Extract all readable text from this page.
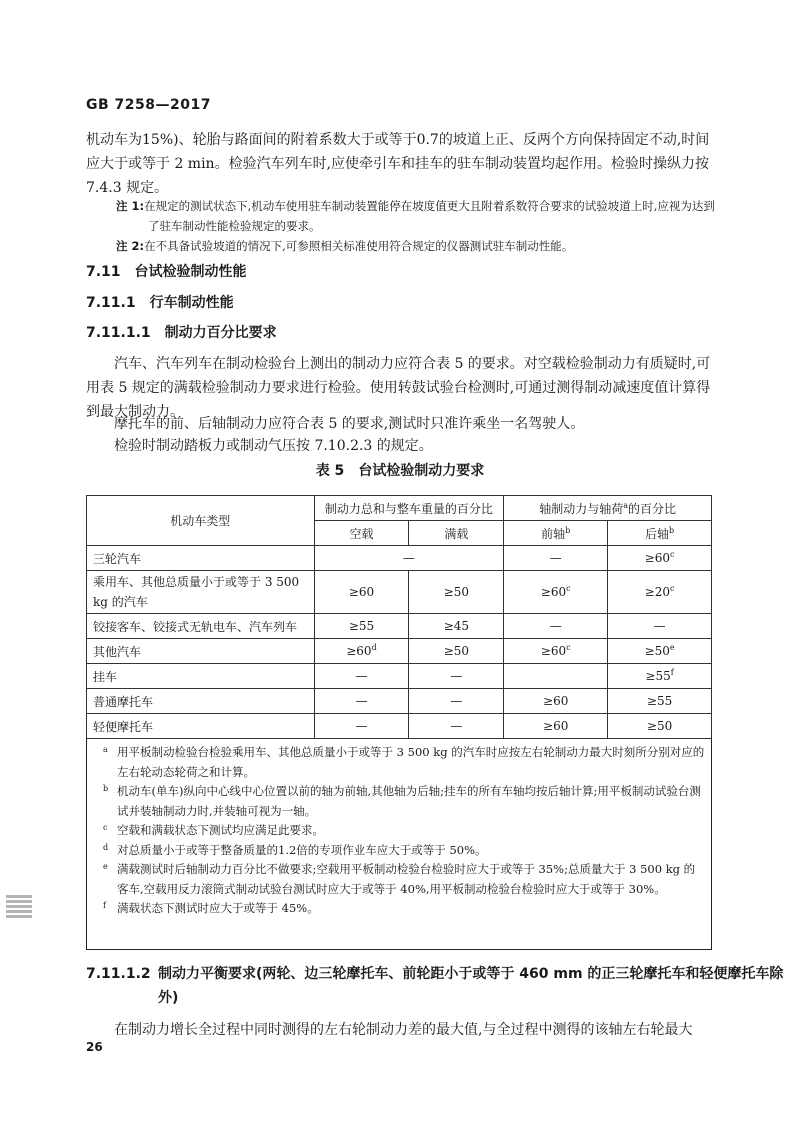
GB 7258—2017
机动车为15%)、轮胎与路面间的附着系数大于或等于0.7的坡道上正、反两个方向保持固定不动,时间应大于或等于 2 min。检验汽车列车时,应使牵引车和挂车的驻车制动装置均起作用。检验时操纵力按 7.4.3 规定。
注 1:在规定的测试状态下,机动车使用驻车制动装置能停在坡度值更大且附着系数符合要求的试验坡道上时,应视为达到了驻车制动性能检验规定的要求。
注 2:在不具备试验坡道的情况下,可参照相关标准使用符合规定的仪器测试驻车制动性能。
7.11 台试检验制动性能
7.11.1 行车制动性能
7.11.1.1 制动力百分比要求
汽车、汽车列车在制动检验台上测出的制动力应符合表 5 的要求。对空载检验制动力有质疑时,可用表 5 规定的满载检验制动力要求进行检验。使用转鼓试验台检测时,可通过测得制动减速度值计算得到最大制动力。
摩托车的前、后轴制动力应符合表 5 的要求,测试时只准许乘坐一名驾驶人。
检验时制动踏板力或制动气压按 7.10.2.3 的规定。
表 5 台试检验制动力要求
机动车类型	制动力总和与整车重量的百分比		轴制动力与轴荷$^a$的百分比	
	空载	满载	前轴$^b$	后轴$^b$
三轮汽车	—		—	$\ge 60^c$
乘用车、其他总质量小于或等于 3 500 kg 的汽车	≥60	≥50	$\ge 60^c$	$\ge 20^c$
铰接客车、铰接式无轨电车、汽车列车	≥55	≥45	—	—
其他汽车	$\ge 60^d$	≥50	$\ge 60^c$	$\ge 50^e$
挂车	—	—		$\ge 55^f$
普通摩托车	—	—	≥60	≥55
轻便摩托车	—	—	≥60	≥50
a 用平板制动检验台检验乘用车、其他总质量小于或等于 3 500 kg 的汽车时应按左右轮制动力最大时刻所分别对应的左右轮动态轮荷之和计算。
b 机动车(单车)纵向中心线中心位置以前的轴为前轴,其他轴为后轴;挂车的所有车轴均按后轴计算;用平板制动试验台测试并装轴制动力时,并装轴可视为一轴。
c 空载和满载状态下测试均应满足此要求。
d 对总质量小于或等于整备质量的1.2倍的专项作业车应大于或等于 50%。
e 满载测试时后轴制动力百分比不做要求;空载用平板制动检验台检验时应大于或等于 35%;总质量大于 3 500 kg 的客车,空载用反力滚筒式制动试验台测试时应大于或等于 40%,用平板制动检验台检验时应大于或等于 30%。
f 满载状态下测试时应大于或等于 45%。
7.11.1.2 制动力平衡要求(两轮、边三轮摩托车、前轮距小于或等于 460 mm 的正三轮摩托车和轻便摩托车除外)
在制动力增长全过程中同时测得的左右轮制动力差的最大值,与全过程中测得的该轴左右轮最大
26
